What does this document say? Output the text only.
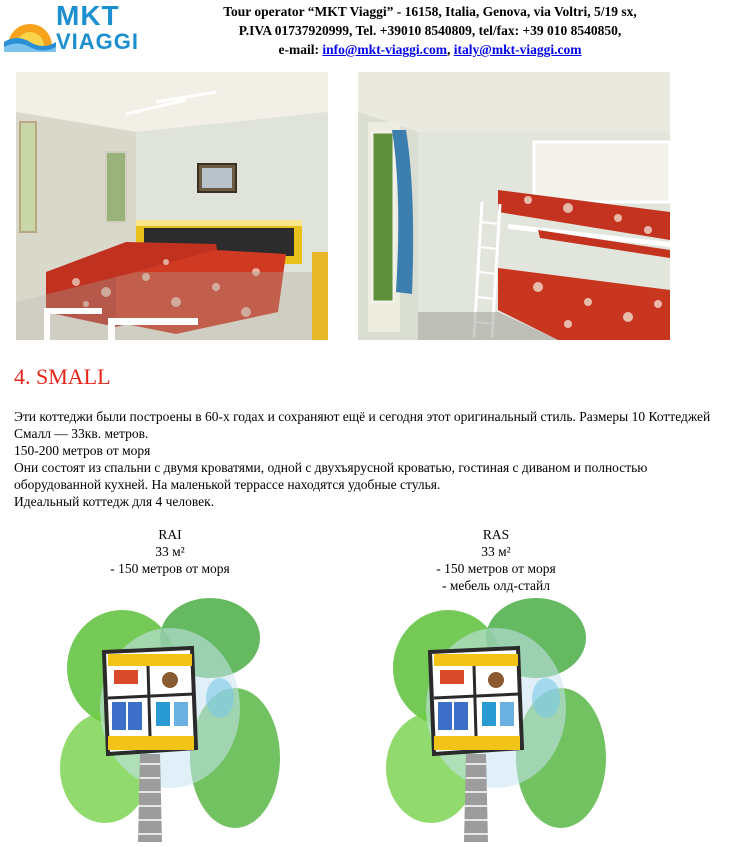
MKT
VIAGGI
Tour operator “MKT Viaggi” - 16158, Italia, Genova, via Voltri, 5/19 sx,
P.IVA 01737920999, Tel. +39010 8540809, tel/fax: +39 010 8540850,
e-mail: info@mkt-viaggi.com, italy@mkt-viaggi.com
4. SMALL

Эти коттеджи были построены в 60-х годах и сохраняют ещё и сегодня этот оригинальный стиль. Размеры 10 Коттеджей Смалл — 33кв. метров.

150-200 метров от моря

Они состоят из спальни с двумя кроватями, одной с двухъярусной кроватью, гостиная с диваном и полностью оборудованной кухней. На маленькой террассе находятся удобные стулья.

Идеальный коттедж для 4 человек.

RAI
33 м²
- 150 метров от моря
RAS
33 м²
- 150 метров от моря
- мебель олд-стайл
